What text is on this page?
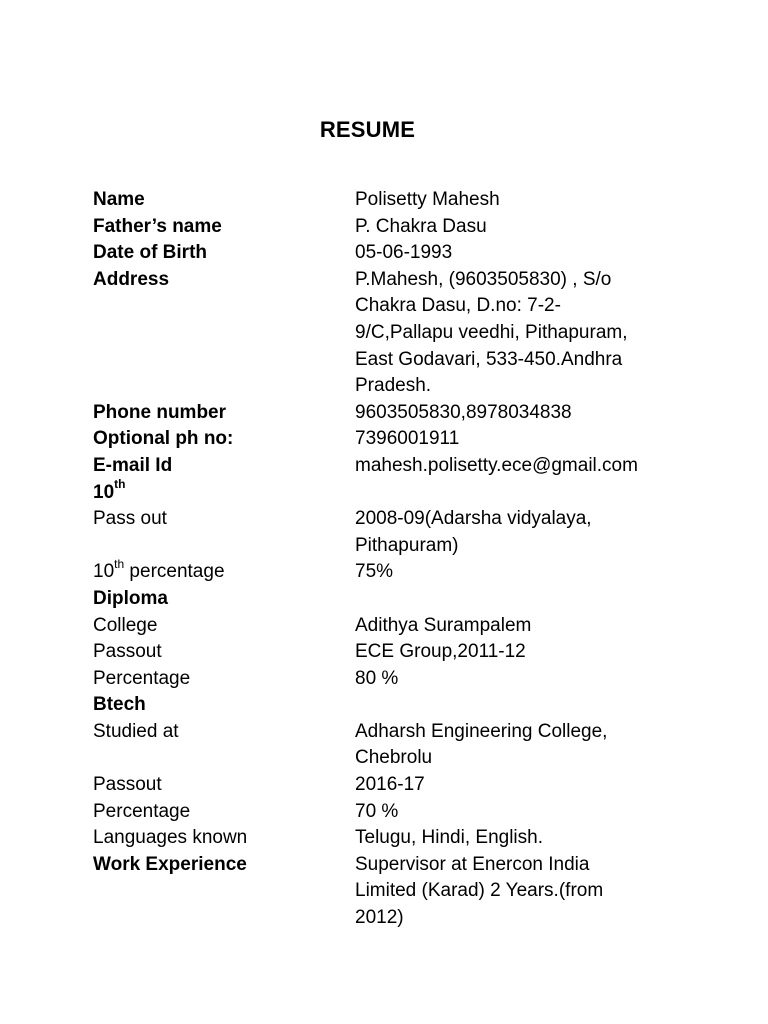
RESUME
Name	Polisetty Mahesh
Father’s name	P. Chakra Dasu
Date of Birth	05-06-1993
Address	P.Mahesh, (9603505830) , S/o
Chakra Dasu, D.no: 7-2-
9/C,Pallapu veedhi, Pithapuram,
East Godavari, 533-450.Andhra
Pradesh.
Phone number	9603505830,8978034838
Optional ph no:	7396001911
E-mail Id	mahesh.polisetty.ece@gmail.com
10th
Pass out	2008-09(Adarsha vidyalaya,
Pithapuram)
10th percentage	75%
Diploma
College	Adithya Surampalem
Passout	ECE Group,2011-12
Percentage	80 %
Btech
Studied at	Adharsh Engineering College,
Chebrolu
Passout	2016-17
Percentage	70 %
Languages known	Telugu, Hindi, English.
Work Experience	Supervisor at Enercon India
Limited (Karad) 2 Years.(from
2012)
